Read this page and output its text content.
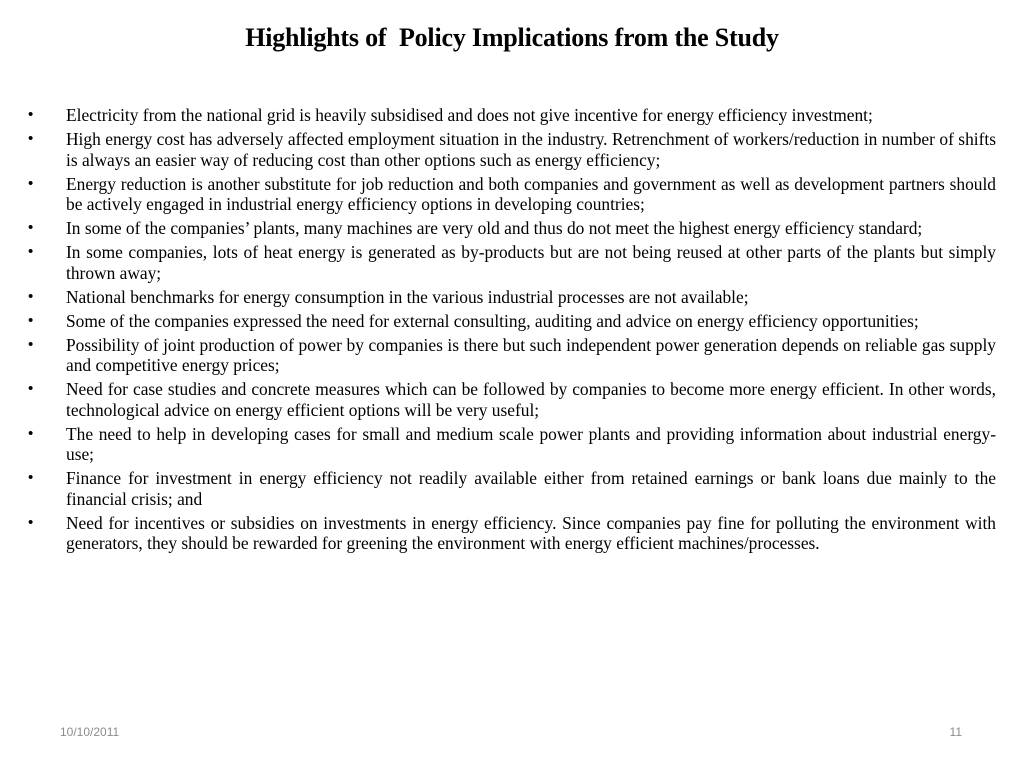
Highlights of  Policy Implications from the Study
• Electricity from the national grid is heavily subsidised and does not give incentive for energy efficiency investment;
• High energy cost has adversely affected employment situation in the industry. Retrenchment of workers/reduction in number of shifts is always an easier way of reducing cost than other options such as energy efficiency;
• Energy reduction is another substitute for job reduction and both companies and government as well as development partners should be actively engaged in industrial energy efficiency options in developing countries;
• In some of the companies’ plants, many machines are very old and thus do not meet the highest energy efficiency standard;
• In some companies, lots of heat energy is generated as by-products but are not being reused at other parts of the plants but simply thrown away;
• National benchmarks for energy consumption in the various industrial processes are not available;
• Some of the companies expressed the need for external consulting, auditing and advice on energy efficiency opportunities;
• Possibility of joint production of power by companies is there but such independent power generation depends on reliable gas supply and competitive energy prices;
• Need for case studies and concrete measures which can be followed by companies to become more energy efficient. In other words, technological advice on energy efficient options will be very useful;
• The need to help in developing cases for small and medium scale power plants and providing information about industrial energy-use;
• Finance for investment in energy efficiency not readily available either from retained earnings or bank loans due mainly to the financial crisis; and
• Need for incentives or subsidies on investments in energy efficiency. Since companies pay fine for polluting the environment with generators, they should be rewarded for greening the environment with energy efficient machines/processes.
10/10/2011	11
